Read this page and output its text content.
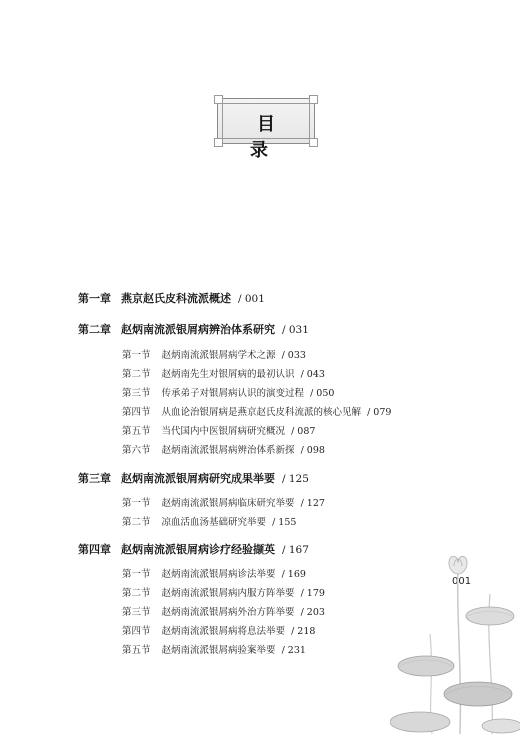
目 录
第一章 燕京赵氏皮科流派概述 / 001
第二章 赵炳南流派银屑病辨治体系研究 / 031
第一节 赵炳南流派银屑病学术之源 / 033
第二节 赵炳南先生对银屑病的最初认识 / 043
第三节 传承弟子对银屑病认识的演变过程 / 050
第四节 从血论治银屑病是燕京赵氏皮科流派的核心见解 / 079
第五节 当代国内中医银屑病研究概况 / 087
第六节 赵炳南流派银屑病辨治体系新探 / 098
第三章 赵炳南流派银屑病研究成果举要 / 125
第一节 赵炳南流派银屑病临床研究举要 / 127
第二节 凉血活血汤基础研究举要 / 155
第四章 赵炳南流派银屑病诊疗经验撷英 / 167
第一节 赵炳南流派银屑病诊法举要 / 169
第二节 赵炳南流派银屑病内服方阵举要 / 179
第三节 赵炳南流派银屑病外治方阵举要 / 203
第四节 赵炳南流派银屑病将息法举要 / 218
第五节 赵炳南流派银屑病验案举要 / 231
001
